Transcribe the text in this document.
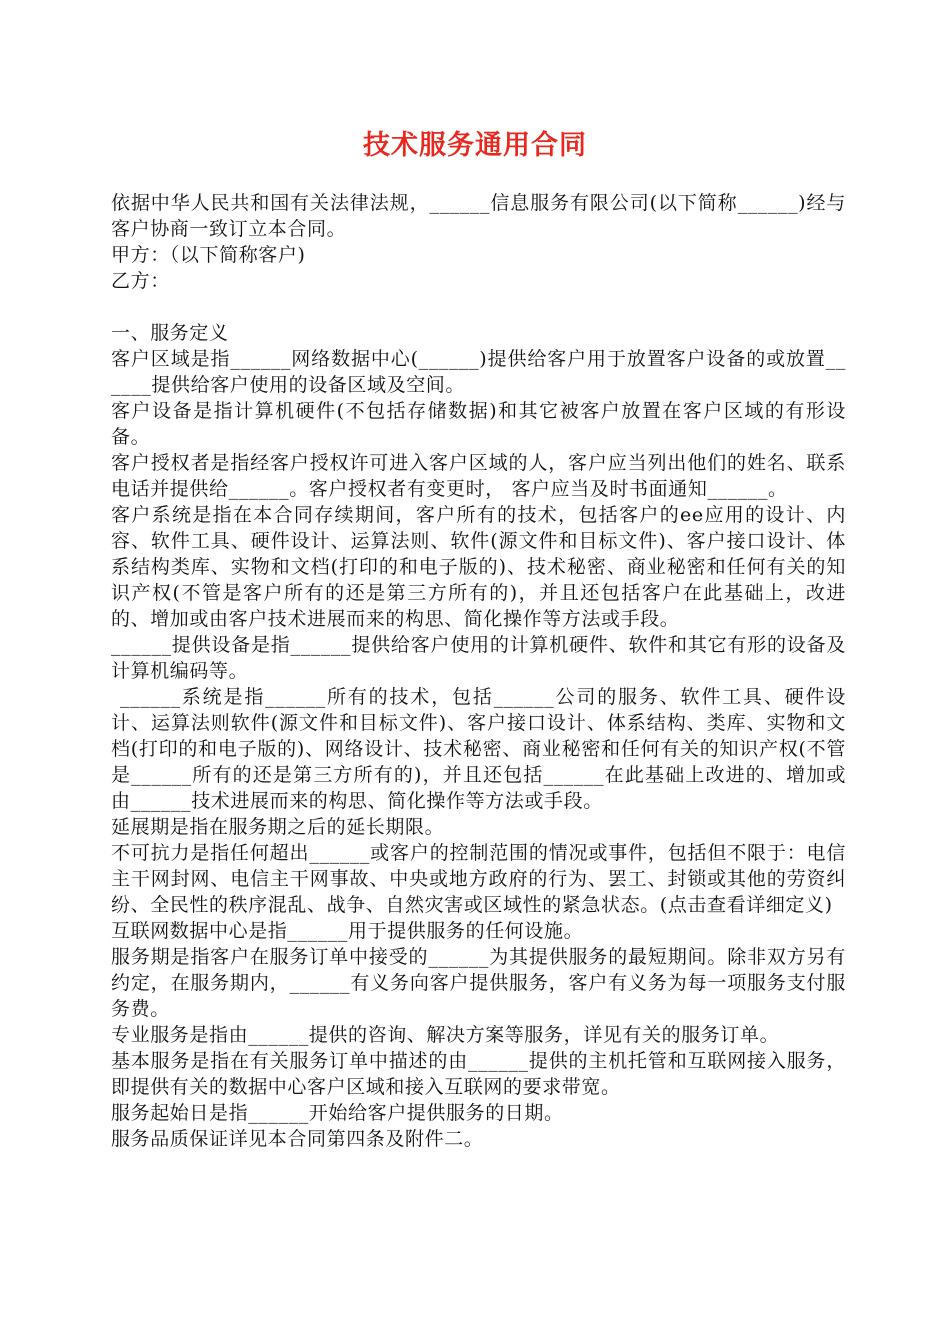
技术服务通用合同

依据中华人民共和国有关法律法规，______信息服务有限公司(以下简称______)经与客户协商一致订立本合同。

甲方：（以下简称客户)

乙方：

一、服务定义

客户区域是指______网络数据中心(______)提供给客户用于放置客户设备的或放置______提供给客户使用的设备区域及空间。

客户设备是指计算机硬件(不包括存储数据)和其它被客户放置在客户区域的有形设备。

客户授权者是指经客户授权许可进入客户区域的人，客户应当列出他们的姓名、联系电话并提供给______。客户授权者有变更时， 客户应当及时书面通知______。

客户系统是指在本合同存续期间，客户所有的技术，包括客户的ee应用的设计、内容、软件工具、硬件设计、运算法则、软件(源文件和目标文件)、客户接口设计、体系结构类库、实物和文档(打印的和电子版的)、技术秘密、商业秘密和任何有关的知识产权(不管是客户所有的还是第三方所有的)，并且还包括客户在此基础上，改进的、增加或由客户技术进展而来的构思、简化操作等方法或手段。

______提供设备是指______提供给客户使用的计算机硬件、软件和其它有形的设备及计算机编码等。

______系统是指______所有的技术，包括______公司的服务、软件工具、硬件设计、运算法则软件(源文件和目标文件)、客户接口设计、体系结构、类库、实物和文档(打印的和电子版的)、网络设计、技术秘密、商业秘密和任何有关的知识产权(不管是______所有的还是第三方所有的)，并且还包括______在此基础上改进的、增加或由______技术进展而来的构思、简化操作等方法或手段。

延展期是指在服务期之后的延长期限。

不可抗力是指任何超出______或客户的控制范围的情况或事件，包括但不限于：电信主干网封网、电信主干网事故、中央或地方政府的行为、罢工、封锁或其他的劳资纠纷、全民性的秩序混乱、战争、自然灾害或区域性的紧急状态。(点击查看详细定义)

互联网数据中心是指______用于提供服务的任何设施。

服务期是指客户在服务订单中接受的______为其提供服务的最短期间。除非双方另有约定，在服务期内，______有义务向客户提供服务，客户有义务为每一项服务支付服务费。

专业服务是指由______提供的咨询、解决方案等服务，详见有关的服务订单。

基本服务是指在有关服务订单中描述的由______提供的主机托管和互联网接入服务，即提供有关的数据中心客户区域和接入互联网的要求带宽。

服务起始日是指______开始给客户提供服务的日期。

服务品质保证详见本合同第四条及附件二。
